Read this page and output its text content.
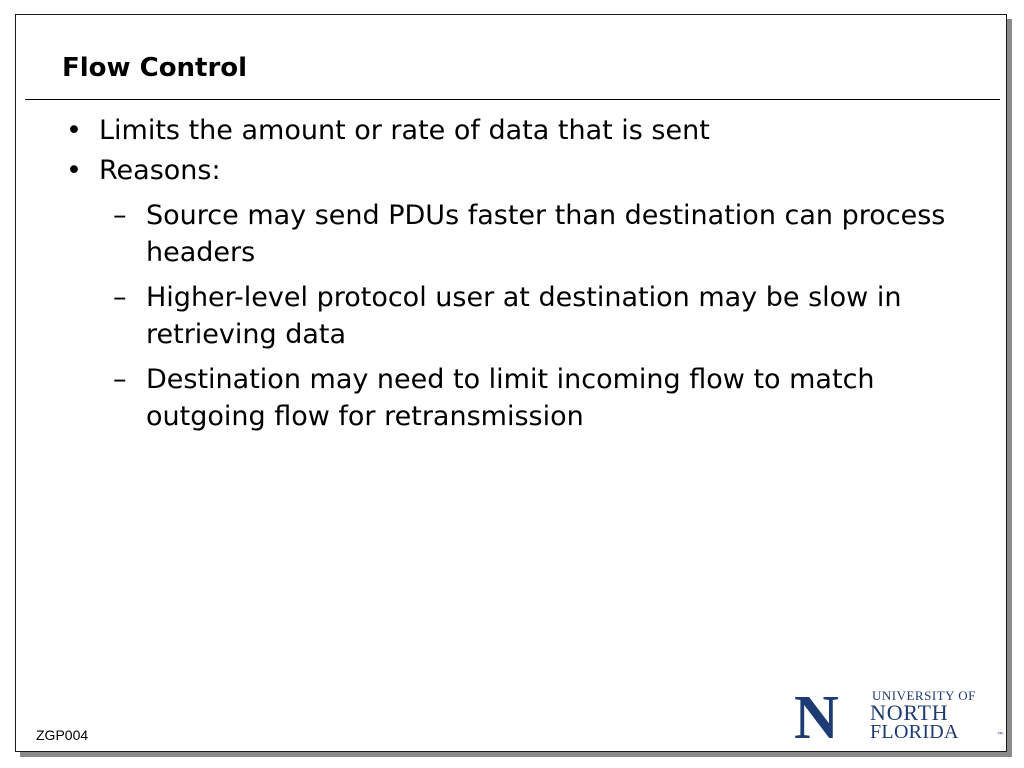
Flow Control
• Limits the amount or rate of data that is sent
• Reasons:
– Source may send PDUs faster than destination can process headers
– Higher-level protocol user at destination may be slow in retrieving data
– Destination may need to limit incoming flow to match outgoing flow for retransmission
ZGP004	N	UNIVERSITY OF
NORTH
FLORIDA	™
